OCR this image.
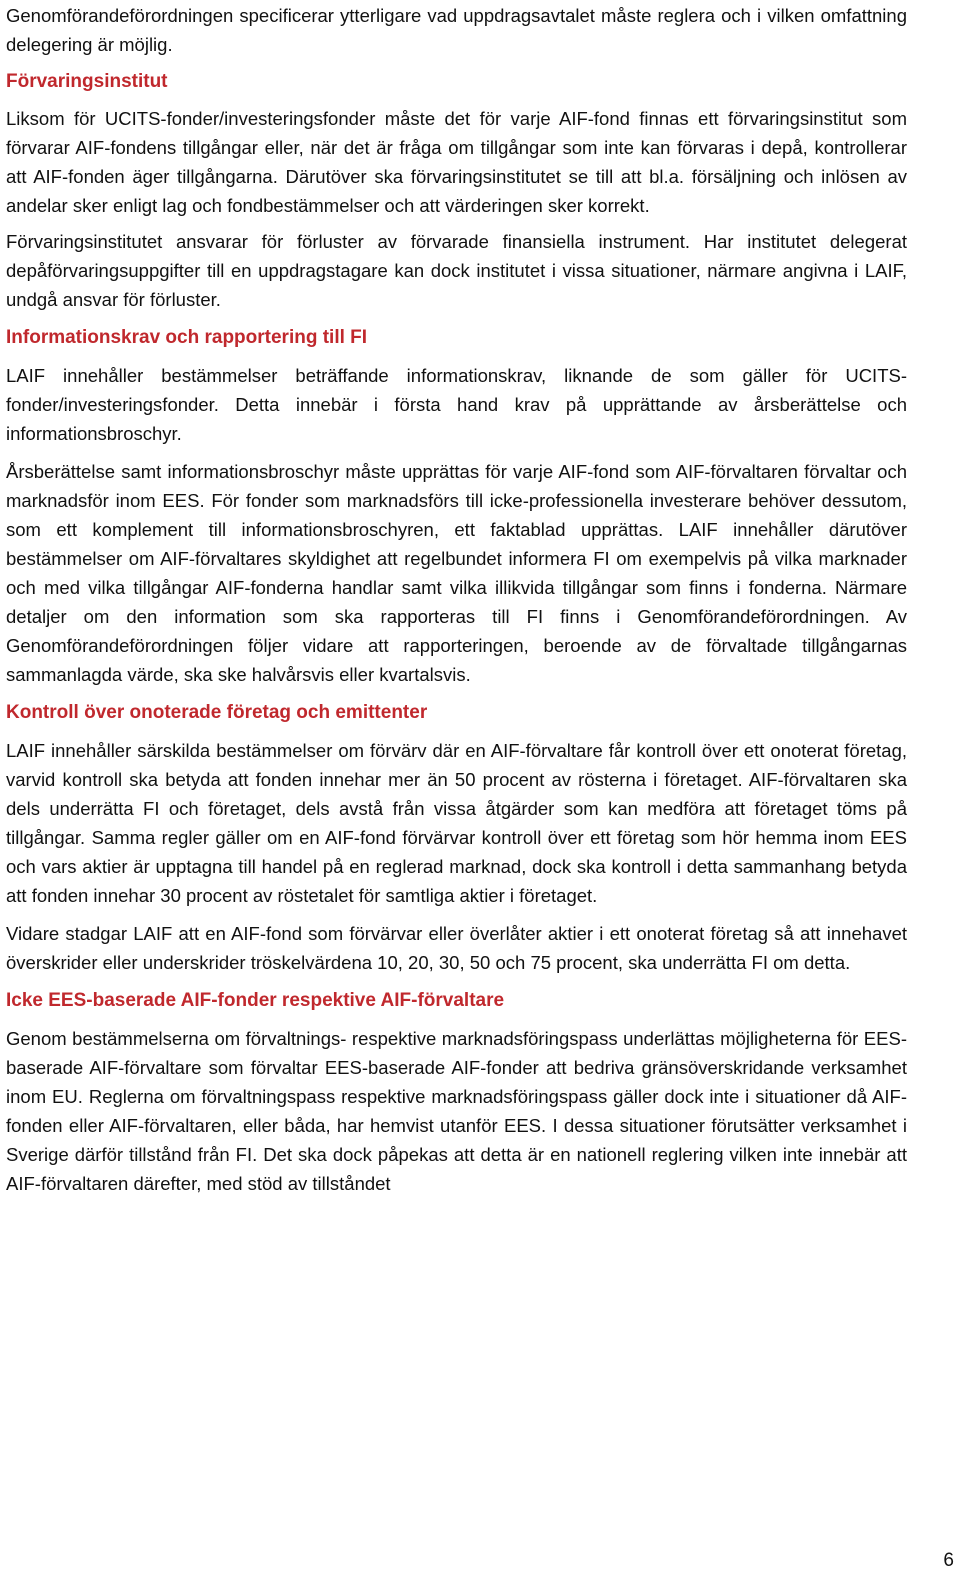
Genomförandeförordningen specificerar ytterligare vad uppdragsavtalet måste reglera och i vilken omfattning delegering är möjlig.

Förvaringsinstitut

Liksom för UCITS-fonder/investeringsfonder måste det för varje AIF-fond finnas ett förvaringsinstitut som förvarar AIF-fondens tillgångar eller, när det är fråga om tillgångar som inte kan förvaras i depå, kontrollerar att AIF-fonden äger tillgångarna. Därutöver ska förvaringsinstitutet se till att bl.a. försäljning och inlösen av andelar sker enligt lag och fondbestämmelser och att värderingen sker korrekt.

Förvaringsinstitutet ansvarar för förluster av förvarade finansiella instrument. Har institutet delegerat depåförvaringsuppgifter till en uppdragstagare kan dock institutet i vissa situationer, närmare angivna i LAIF, undgå ansvar för förluster.

Informationskrav och rapportering till FI

LAIF innehåller bestämmelser beträffande informationskrav, liknande de som gäller för UCITS-fonder/investeringsfonder. Detta innebär i första hand krav på upprättande av årsberättelse och informationsbroschyr.

Årsberättelse samt informationsbroschyr måste upprättas för varje AIF-fond som AIF-förvaltaren förvaltar och marknadsför inom EES. För fonder som marknadsförs till icke-professionella investerare behöver dessutom, som ett komplement till informationsbroschyren, ett faktablad upprättas. LAIF innehåller därutöver bestämmelser om AIF-förvaltares skyldighet att regelbundet informera FI om exempelvis på vilka marknader och med vilka tillgångar AIF-fonderna handlar samt vilka illikvida tillgångar som finns i fonderna. Närmare detaljer om den information som ska rapporteras till FI finns i Genomförandeförordningen. Av Genomförandeförordningen följer vidare att rapporteringen, beroende av de förvaltade tillgångarnas sammanlagda värde, ska ske halvårsvis eller kvartalsvis.

Kontroll över onoterade företag och emittenter

LAIF innehåller särskilda bestämmelser om förvärv där en AIF-förvaltare får kontroll över ett onoterat företag, varvid kontroll ska betyda att fonden innehar mer än 50 procent av rösterna i företaget. AIF-förvaltaren ska dels underrätta FI och företaget, dels avstå från vissa åtgärder som kan medföra att företaget töms på tillgångar. Samma regler gäller om en AIF-fond förvärvar kontroll över ett företag som hör hemma inom EES och vars aktier är upptagna till handel på en reglerad marknad, dock ska kontroll i detta sammanhang betyda att fonden innehar 30 procent av röstetalet för samtliga aktier i företaget.

Vidare stadgar LAIF att en AIF-fond som förvärvar eller överlåter aktier i ett onoterat företag så att innehavet överskrider eller underskrider tröskelvärdena 10, 20, 30, 50 och 75 procent, ska underrätta FI om detta.

Icke EES-baserade AIF-fonder respektive AIF-förvaltare

Genom bestämmelserna om förvaltnings- respektive marknadsföringspass underlättas möjligheterna för EES-baserade AIF-förvaltare som förvaltar EES-baserade AIF-fonder att bedriva gränsöverskridande verksamhet inom EU. Reglerna om förvaltningspass respektive marknadsföringspass gäller dock inte i situationer då AIF-fonden eller AIF-förvaltaren, eller båda, har hemvist utanför EES. I dessa situationer förutsätter verksamhet i Sverige därför tillstånd från FI. Det ska dock påpekas att detta är en nationell reglering vilken inte innebär att AIF-förvaltaren därefter, med stöd av tillståndet

6
